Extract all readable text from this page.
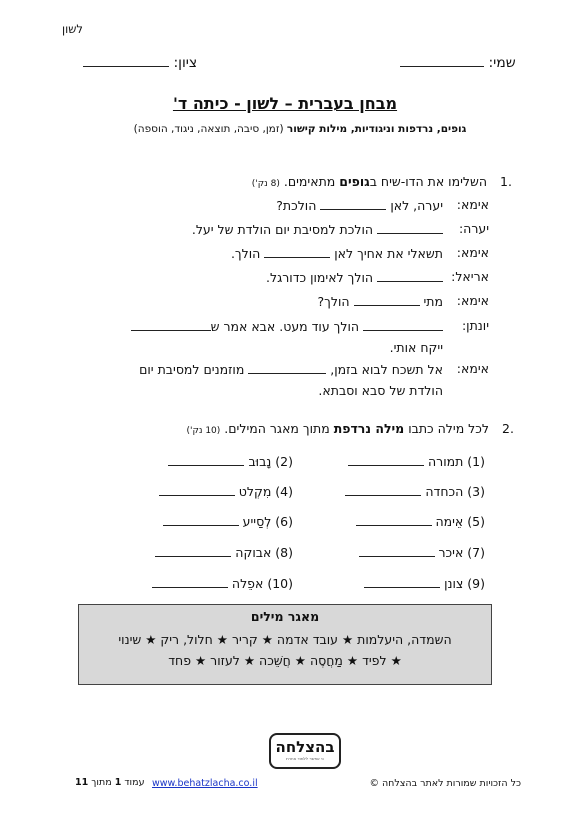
לשון
שמי:
ציון:
מבחן בעברית – לשון - כיתה ד'
גופים, נרדפות וניגודיות, מילות קישור (זמן, סיבה, תוצאה, ניגוד, הוספה)
1.
השלימו את הדו-שיח בגופים מתאימים. (8 נק')
אימא:
יערה, לאן  הולכת?
יערה:
הולכת למסיבת יום הולדת של יעל.
אימא:
תשאלי את אחיך לאן  הולך.
אריאל:
הולך לאימון כדורגל.
אימא:
מתי  הולך?
יונתן:
הולך עוד מעט. אבא אמר ש
ייקח אותי.
אימא:
אל תשכח לבוא בזמן,  מוזמנים למסיבת יום
הולדת של סבא וסבתא.
2.
לכל מילה כתבו מילה נרדפת מתוך מאגר המילים. (10 נק')
(1) תמורה
(2) נָבוּב
(3) הכחדה
(4) מִקְלט
(5) אֵימה
(6) לְסַייע
(7) איכר
(8) אבוקה
(9) צונן
(10) אפֵלה
מאגר מילים
השמדה, היעלמות ★ עובד אדמה ★ קריר ★ חלול, ריק ★ שינוי
★ לפיד ★ מַחֲסֶה ★ חֲשֵׁכה ★ לעזור ★ פחד
בהצלחה
כי אפשר ללמוד אחרת
כל הזכויות שמורות לאתר בהצלחה ©
www.behatzlacha.co.il
עמוד 1 מתוך 11
